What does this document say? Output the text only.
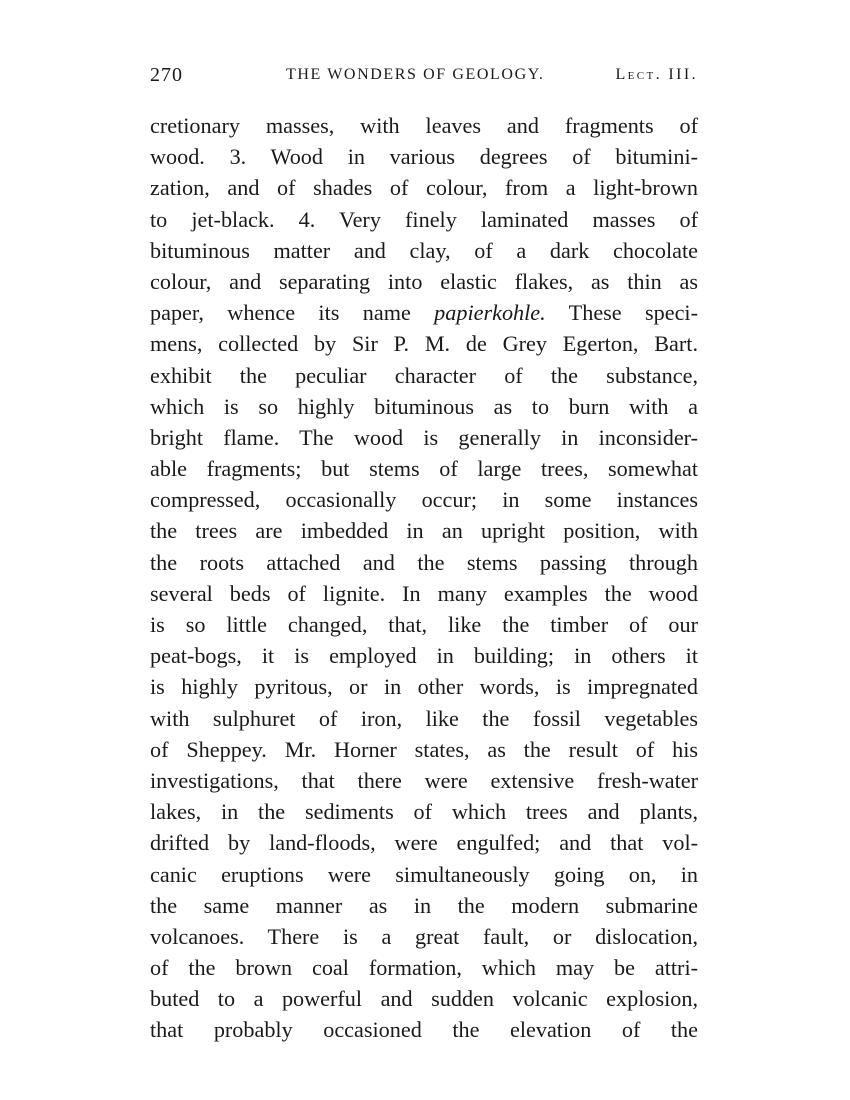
270	THE WONDERS OF GEOLOGY.	Lect. III.
cretionary masses, with leaves and fragments of
wood. 3. Wood in various degrees of bitumini-
zation, and of shades of colour, from a light-brown
to jet-black. 4. Very finely laminated masses of
bituminous matter and clay, of a dark chocolate
colour, and separating into elastic flakes, as thin as
paper, whence its name papierkohle. These speci-
mens, collected by Sir P. M. de Grey Egerton, Bart.
exhibit the peculiar character of the substance,
which is so highly bituminous as to burn with a
bright flame. The wood is generally in inconsider-
able fragments; but stems of large trees, somewhat
compressed, occasionally occur; in some instances
the trees are imbedded in an upright position, with
the roots attached and the stems passing through
several beds of lignite. In many examples the wood
is so little changed, that, like the timber of our
peat-bogs, it is employed in building; in others it
is highly pyritous, or in other words, is impregnated
with sulphuret of iron, like the fossil vegetables
of Sheppey. Mr. Horner states, as the result of his
investigations, that there were extensive fresh-water
lakes, in the sediments of which trees and plants,
drifted by land-floods, were engulfed; and that vol-
canic eruptions were simultaneously going on, in
the same manner as in the modern submarine
volcanoes. There is a great fault, or dislocation,
of the brown coal formation, which may be attri-
buted to a powerful and sudden volcanic explosion,
that probably occasioned the elevation of the
